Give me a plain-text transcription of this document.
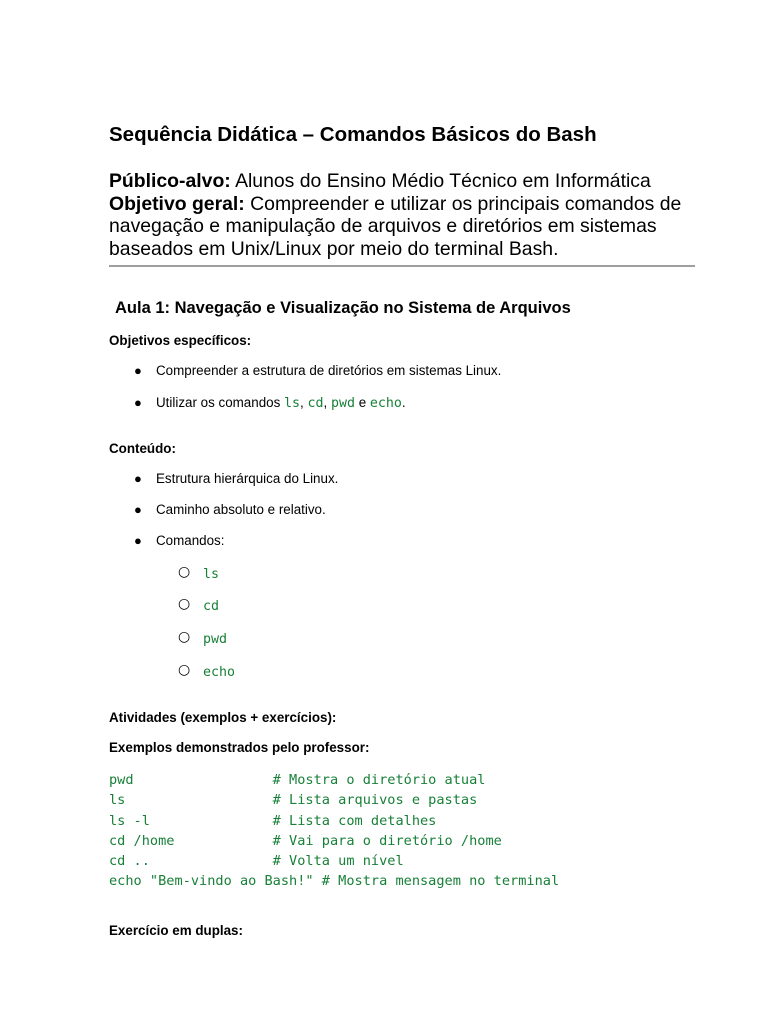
Sequência Didática – Comandos Básicos do Bash

Público-alvo: Alunos do Ensino Médio Técnico em Informática

Objetivo geral: Compreender e utilizar os principais comandos de navegação e manipulação de arquivos e diretórios em sistemas baseados em Unix/Linux por meio do terminal Bash.

Aula 1: Navegação e Visualização no Sistema de Arquivos

Objetivos específicos:

● Compreender a estrutura de diretórios em sistemas Linux.

● Utilizar os comandos ls, cd, pwd e echo.

Conteúdo:

● Estrutura hierárquica do Linux.

● Caminho absoluto e relativo.

● Comandos:

○ ls

○ cd

○ pwd

○ echo

Atividades (exemplos + exercícios):

Exemplos demonstrados pelo professor:

pwd                 # Mostra o diretório atual
ls                  # Lista arquivos e pastas
ls -l               # Lista com detalhes
cd /home            # Vai para o diretório /home
cd ..               # Volta um nível
echo "Bem-vindo ao Bash!" # Mostra mensagem no terminal

Exercício em duplas:
